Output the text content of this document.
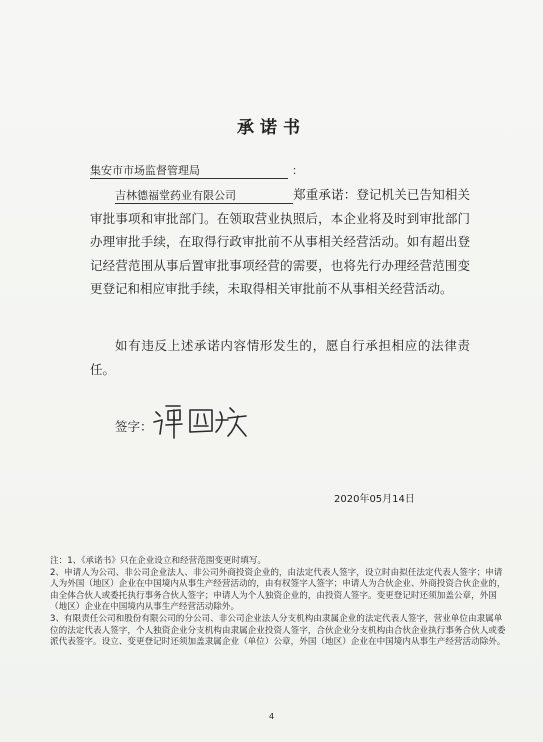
承诺书
集安市市场监督管理局	：
吉林德福堂药业有限公司	郑重承诺：登记机关已告知相关审批事项和审批部门。在领取营业执照后，本企业将及时到审批部门办理审批手续，在取得行政审批前不从事相关经营活动。如有超出登记经营范围从事后置审批事项经营的需要，也将先行办理经营范围变更登记和相应审批手续，未取得相关审批前不从事相关经营活动。
如有违反上述承诺内容情形发生的，愿自行承担相应的法律责任。
签字：
2020年05月14日
注：1、《承诺书》只在企业设立和经营范围变更时填写。
2、申请人为公司、非公司企业法人、非公司外商投资企业的，由法定代表人签字，设立时由拟任法定代表人签字；申请人为外国（地区）企业在中国境内从事生产经营活动的，由有权签字人签字；申请人为合伙企业、外商投资合伙企业的，由全体合伙人或委托执行事务合伙人签字；申请人为个人独资企业的，由投资人签字。变更登记时还须加盖公章，外国（地区）企业在中国境内从事生产经营活动除外。
3、有限责任公司和股份有限公司的分公司、非公司企业法人分支机构由隶属企业的法定代表人签字，营业单位由隶属单位的法定代表人签字，个人独资企业分支机构由隶属企业投资人签字，合伙企业分支机构由合伙企业执行事务合伙人或委派代表签字。设立、变更登记时还须加盖隶属企业（单位）公章，外国（地区）企业在中国境内从事生产经营活动除外。
4
